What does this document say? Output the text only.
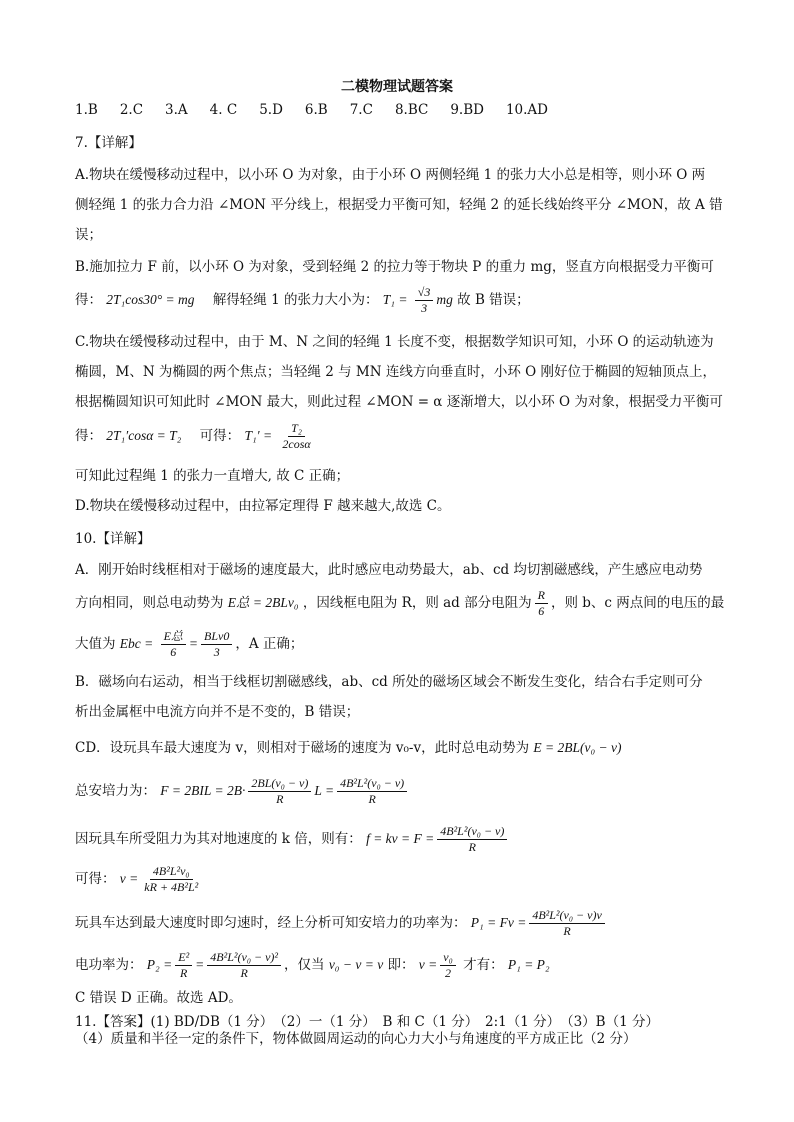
二模物理试题答案
1.B 2.C 3.A 4. C 5.D 6.B 7.C 8.BC 9.BD 10.AD
7.【详解】
A.物块在缓慢移动过程中，以小环 O 为对象，由于小环 O 两侧轻绳 1 的张力大小总是相等，则小环 O 两
侧轻绳 1 的张力合力沿 ∠MON 平分线上，根据受力平衡可知，轻绳 2 的延长线始终平分 ∠MON，故 A 错
误；
B.施加拉力 F 前，以小环 O 为对象，受到轻绳 2 的拉力等于物块 P 的重力 mg，竖直方向根据受力平衡可
得： 2T₁cos30° = mg 解得轻绳 1 的张力大小为： $T_1 = \frac{√3}{3}$ mg 故 B 错误；
C.物块在缓慢移动过程中，由于 M、N 之间的轻绳 1 长度不变，根据数学知识可知，小环 O 的运动轨迹为
椭圆，M、N 为椭圆的两个焦点；当轻绳 2 与 MN 连线方向垂直时，小环 O 刚好位于椭圆的短轴顶点上，
根据椭圆知识可知此时 ∠MON 最大，则此过程 ∠MON = α 逐渐增大，以小环 O 为对象，根据受力平衡可
得： 2T₁′cosα = T₂ 可得： $T_1' = \frac{\text{T₂}}{2\cos\alpha}$
可知此过程绳 1 的张力一直增大, 故 C 正确；
D.物块在缓慢移动过程中，由拉幂定理得 F 越来越大,故选 C。
10.【详解】
A．刚开始时线框相对于磁场的速度最大，此时感应电动势最大，ab、cd 均切割磁感线，产生感应电动势
方向相同，则总电动势为 E总 = 2BLv₀ ，因线框电阻为 R，则 ad 部分电阻为 $\frac{R}{6}$ ，则 b、c 两点间的电压的最
大值为 Ebc = $\frac{\text{E总}}{6} = \frac{\text{BLv0}}{3}$ ，A 正确；
B．磁场向右运动，相当于线框切割磁感线，ab、cd 所处的磁场区域会不断发生变化，结合右手定则可分
析出金属框中电流方向并不是不变的，B 错误；
CD．设玩具车最大速度为 v，则相对于磁场的速度为 v₀-v，此时总电动势为 E = 2BL(v₀ − v)
总安培力为： $F = 2BIL = 2B\cdot \frac{\text{2BL(v₀ − v)}}{R}$ $L = \frac{\text{4B²L²(v₀ − v)}}{R}$
因玩具车所受阻力为其对地速度的 k 倍，则有： f = kv = $F = \frac{\text{4B²L²(v₀ − v)}}{R}$
可得： $v = \frac{\text{4B²L²v₀}}{\text{kR + 4B²L²}}$
玩具车达到最大速度时即匀速时，经上分析可知安培力的功率为： $P_1 = Fv = \frac{\text{4B²L²(v₀ − v)v}}{R}$
电功率为： $P_2 = \frac{\text{E²}}{R} = \frac{\text{4B²L²(v₀ − v)²}}{R}$ ，仅当 v₀ − v = v 即： $v = \frac{\text{v₀}}{2}$ 才有： P₁ = P₂
C 错误 D 正确。故选 AD。
11.【答案】(1) BD/DB（1 分）　（2）一（1 分）　B 和 C（1 分）　2:1（1 分）　（3）B（1 分）
（4）质量和半径一定的条件下，物体做圆周运动的向心力大小与角速度的平方成正比（2 分）
